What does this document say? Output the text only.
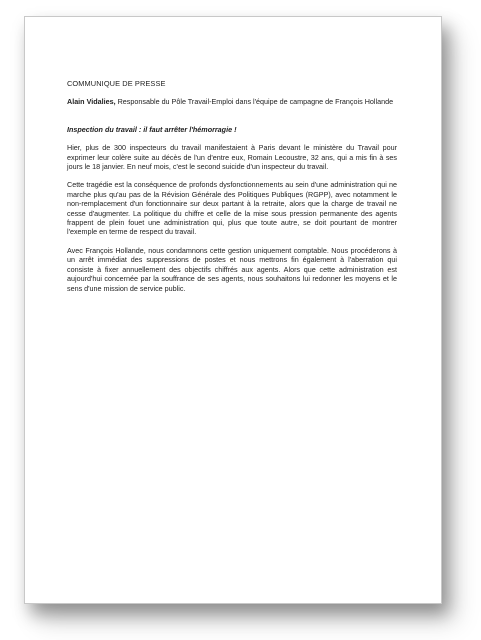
COMMUNIQUE DE PRESSE

Alain Vidalies, Responsable du Pôle Travail-Emploi dans l'équipe de campagne de François Hollande

Inspection du travail : il faut arrêter l'hémorragie !

Hier, plus de 300 inspecteurs du travail manifestaient à Paris devant le ministère du Travail pour exprimer leur colère suite au décès de l'un d'entre eux, Romain Lecoustre, 32 ans, qui a mis fin à ses jours le 18 janvier. En neuf mois, c'est le second suicide d'un inspecteur du travail.

Cette tragédie est la conséquence de profonds dysfonctionnements au sein d'une administration qui ne marche plus qu'au pas de la Révision Générale des Politiques Publiques (RGPP), avec notamment le non-remplacement d'un fonctionnaire sur deux partant à la retraite, alors que la charge de travail ne cesse d'augmenter. La politique du chiffre et celle de la mise sous pression permanente des agents frappent de plein fouet une administration qui, plus que toute autre, se doit pourtant de montrer l'exemple en terme de respect du travail.

Avec François Hollande, nous condamnons cette gestion uniquement comptable. Nous procéderons à un arrêt immédiat des suppressions de postes et nous mettrons fin également à l'aberration qui consiste à fixer annuellement des objectifs chiffrés aux agents. Alors que cette administration est aujourd'hui concernée par la souffrance de ses agents, nous souhaitons lui redonner les moyens et le sens d'une mission de service public.
